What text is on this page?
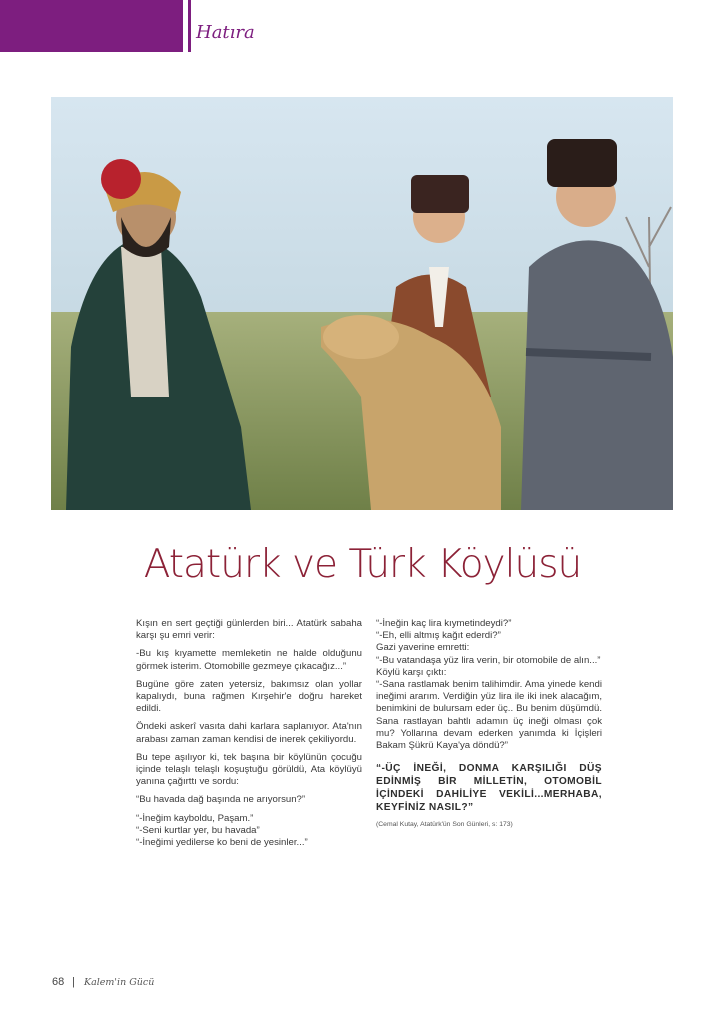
Hatıra
Atatürk ve Türk Köylüsü

Kışın en sert geçtiği günlerden biri... Atatürk sabaha karşı şu emri verir:

-Bu kış kıyamette memleketin ne halde olduğunu görmek isterim. Otomobille gezmeye çıkacağız...”

Bugüne göre zaten yetersiz, bakımsız olan yollar kapalıydı, buna rağmen Kırşehir'e doğru hareket edildi.

Öndeki askerî vasıta dahi karlara saplanıyor. Ata'nın arabası zaman zaman kendisi de inerek çekiliyordu.

Bu tepe aşılıyor ki, tek başına bir köylünün çocuğu içinde telaşlı telaşlı koşuştuğu görüldü, Ata köylüyü yanına çağırttı ve sordu:

“Bu havada dağ başında ne arıyorsun?”

“-İneğim kayboldu, Paşam.”

“-Seni kurtlar yer, bu havada”

“-İneğimi yedilerse ko beni de yesinler...”

“-İneğin kaç lira kıymetindeydi?”

“-Eh, elli altmış kağıt ederdi?”

Gazi yaverine emretti:

“-Bu vatandaşa yüz lira verin, bir otomobile de alın...”

Köylü karşı çıktı:

“-Sana rastlamak benim talihimdir. Ama yinede kendi ineğimi ararım. Verdiğin yüz lira ile iki inek alacağım, benimkini de bulursam eder üç.. Bu benim düşümdü. Sana rastlayan bahtlı adamın üç ineği olması çok mu? Yollarına devam ederken yanımda ki İçişleri Bakam Şükrü Kaya'ya döndü?”

“-ÜÇ İNEĞİ, DONMA KARŞILIĞI DÜŞ EDİNMİŞ BİR MİLLETİN, OTOMOBİL İÇİNDEKİ DAHİLİYE VEKİLİ...MERHABA, KEYFİNİZ NASIL?”
(Cemal Kutay, Atatürk'ün Son Günleri, s: 173)
68 | Kalem'in Gücü
